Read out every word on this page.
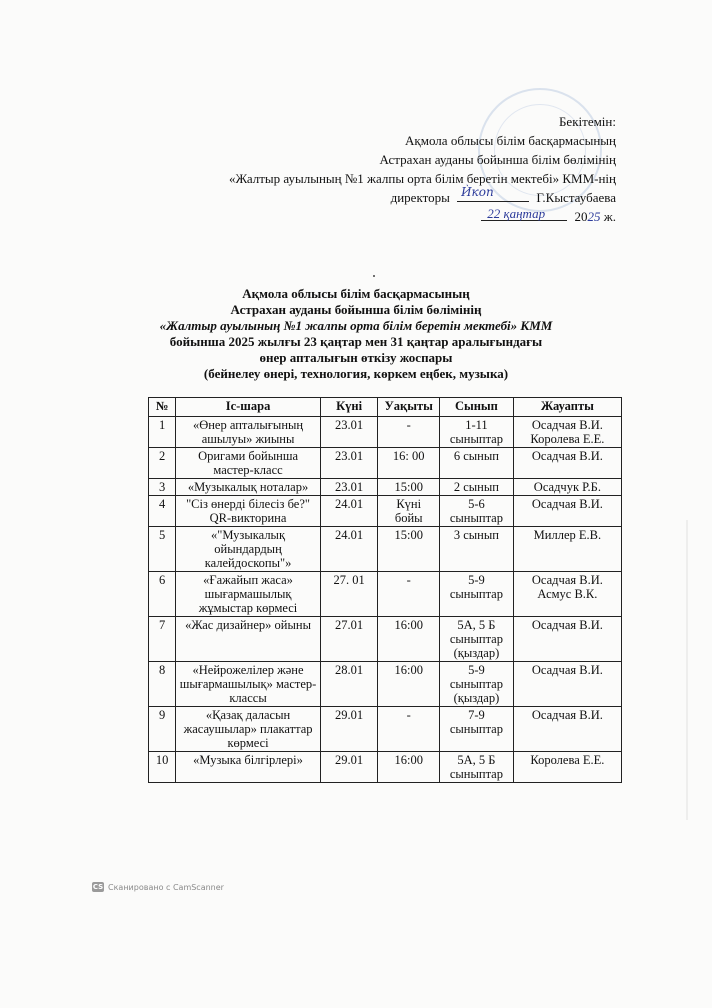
Бекітемін:
Ақмола облысы білім басқармасының
Астрахан ауданы бойынша білім бөлімінің
«Жалтыр ауылының №1 жалпы орта білім беретін мектебі» КММ-нің
директоры Ѝкоп	Г.Кыстаубаева
22 қаңтар 2025 ж.
Ақмола облысы білім басқармасының
Астрахан ауданы бойынша білім бөлімінің
«Жалтыр ауылының №1 жалпы орта білім беретін мектебі» КММ
бойынша 2025 жылғы 23 қаңтар мен 31 қаңтар аралығындағы
өнер апталығын өткізу жоспары
(бейнелеу өнері, технология, көркем еңбек, музыка)
№	Іс-шара	Күні	Уақыты	Сынып	Жауапты
1	«Өнер апталығының ашылуы» жиыны	23.01	-	1-11 сыныптар	Осадчая В.И. Королева Е.Е.
2	Оригами бойынша мастер-класс	23.01	16: 00	6 сынып	Осадчая В.И.
3	«Музыкалық ноталар»	23.01	15:00	2 сынып	Осадчук Р.Б.
4	"Сіз өнерді білесіз бе?" QR-викторина	24.01	Күні бойы	5-6 сыныптар	Осадчая В.И.
5	«"Музыкалық ойындардың калейдоскопы"»	24.01	15:00	3 сынып	Миллер Е.В.
6	«Ғажайып жаса» шығармашылық жұмыстар көрмесі	27. 01	-	5-9 сыныптар	Осадчая В.И. Асмус В.К.
7	«Жас дизайнер» ойыны	27.01	16:00	5А, 5 Б сыныптар (қыздар)	Осадчая В.И.
8	«Нейрожелілер және шығармашылық» мастер-классы	28.01	16:00	5-9 сыныптар (қыздар)	Осадчая В.И.
9	«Қазақ даласын жасаушылар» плакаттар көрмесі	29.01	-	7-9 сыныптар	Осадчая В.И.
10	«Музыка білгірлері»	29.01	16:00	5А, 5 Б сыныптар	Королева Е.Е.
CS Сканировано с CamScanner
